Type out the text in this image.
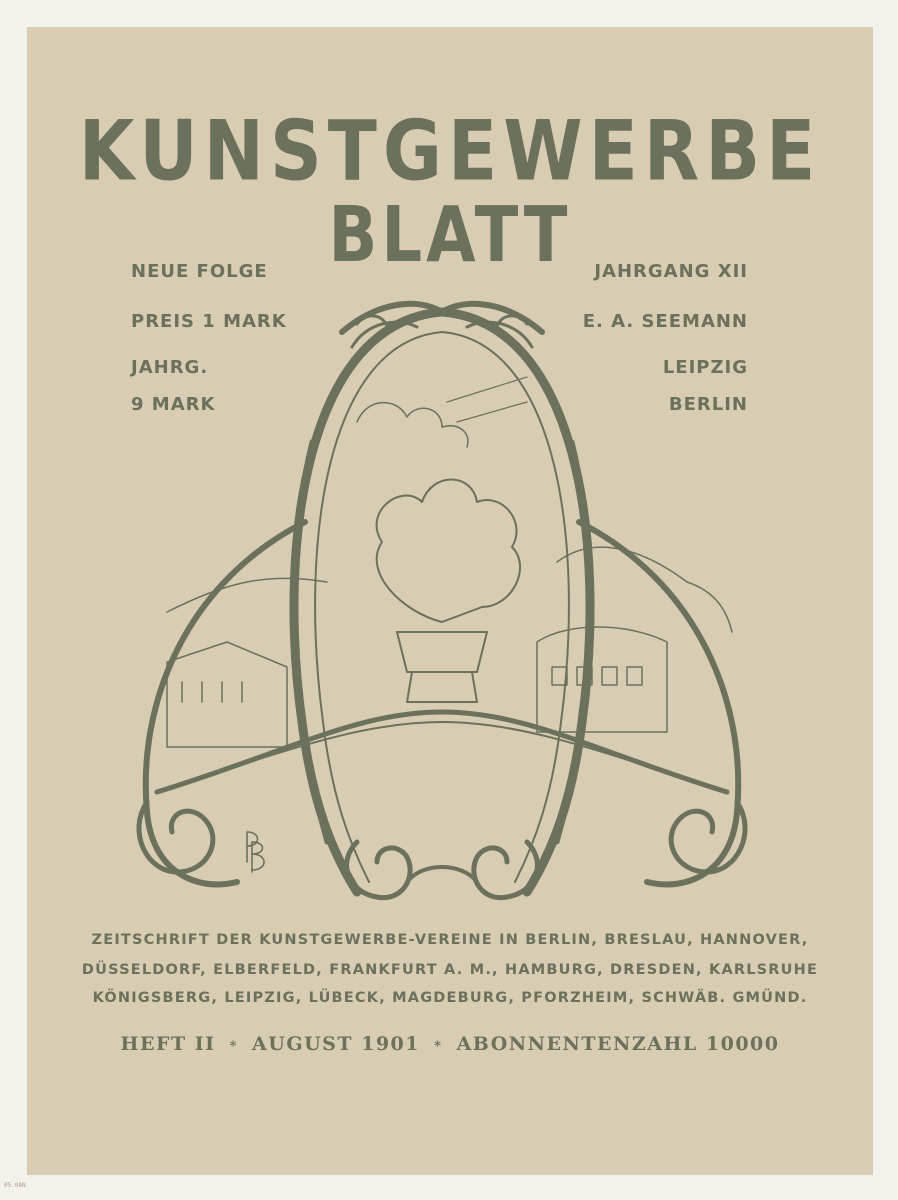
KUNSTGEWERBE
BLATT
NEUE FOLGE
PREIS 1 MARK
JAHRG.
9 MARK
JAHRGANG XII
E. A. SEEMANN
LEIPZIG
BERLIN
ZEITSCHRIFT DER KUNSTGEWERBE-VEREINE IN BERLIN, BRESLAU, HANNOVER,
DÜSSELDORF, ELBERFELD, FRANKFURT A. M., HAMBURG, DRESDEN, KARLSRUHE
KÖNIGSBERG, LEIPZIG, LÜBECK, MAGDEBURG, PFORZHEIM, SCHWÄB. GMÜND.
HEFT II * AUGUST 1901 * ABONNENTENZAHL 10000
05.0AN
